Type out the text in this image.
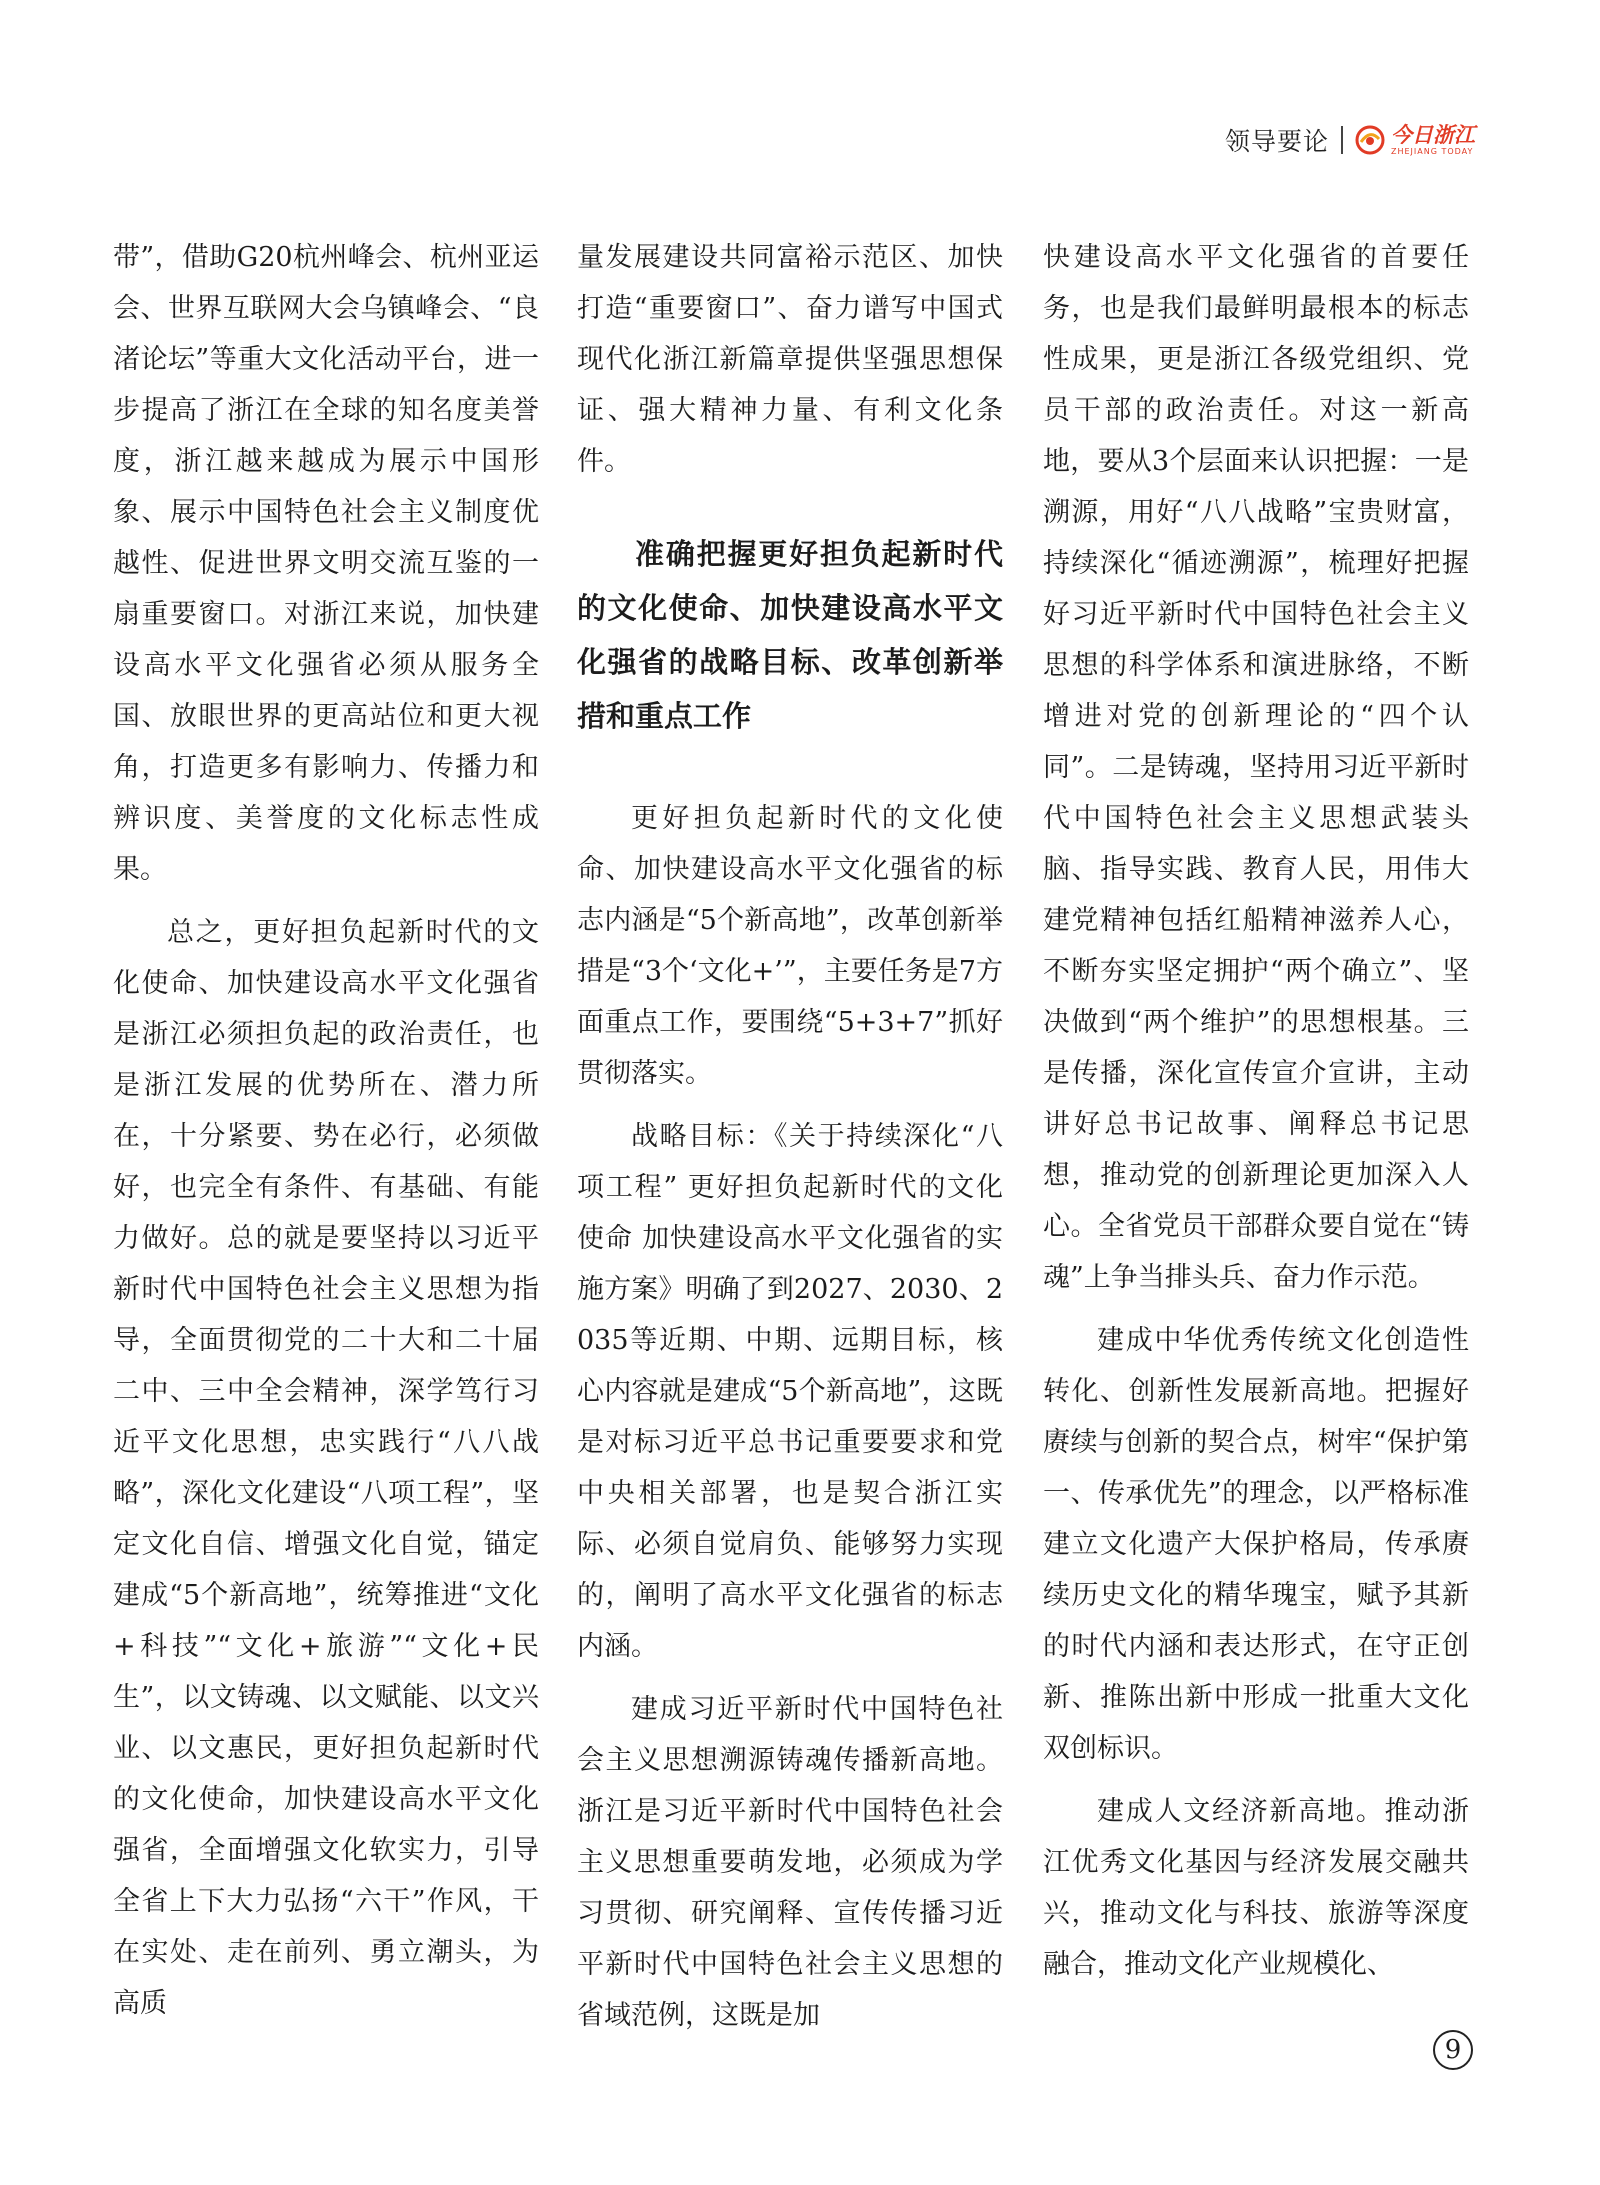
领导要论	今日浙江
ZHEJIANG TODAY

带”，借助G20杭州峰会、杭州亚运会、世界互联网大会乌镇峰会、“良渚论坛”等重大文化活动平台，进一步提高了浙江在全球的知名度美誉度，浙江越来越成为展示中国形象、展示中国特色社会主义制度优越性、促进世界文明交流互鉴的一扇重要窗口。对浙江来说，加快建设高水平文化强省必须从服务全国、放眼世界的更高站位和更大视角，打造更多有影响力、传播力和辨识度、美誉度的文化标志性成果。

总之，更好担负起新时代的文化使命、加快建设高水平文化强省是浙江必须担负起的政治责任，也是浙江发展的优势所在、潜力所在，十分紧要、势在必行，必须做好，也完全有条件、有基础、有能力做好。总的就是要坚持以习近平新时代中国特色社会主义思想为指导，全面贯彻党的二十大和二十届二中、三中全会精神，深学笃行习近平文化思想，忠实践行“八八战略”，深化文化建设“八项工程”，坚定文化自信、增强文化自觉，锚定建成“5个新高地”，统筹推进“文化+科技”“文化+旅游”“文化+民生”，以文铸魂、以文赋能、以文兴业、以文惠民，更好担负起新时代的文化使命，加快建设高水平文化强省，全面增强文化软实力，引导全省上下大力弘扬“六干”作风，干在实处、走在前列、勇立潮头，为高质

量发展建设共同富裕示范区、加快打造“重要窗口”、奋力谱写中国式现代化浙江新篇章提供坚强思想保证、强大精神力量、有利文化条件。

准确把握更好担负起新时代的文化使命、加快建设高水平文化强省的战略目标、改革创新举措和重点工作

更好担负起新时代的文化使命、加快建设高水平文化强省的标志内涵是“5个新高地”，改革创新举措是“3个‘文化+’”，主要任务是7方面重点工作，要围绕“5+3+7”抓好贯彻落实。

战略目标：《关于持续深化“八项工程” 更好担负起新时代的文化使命 加快建设高水平文化强省的实施方案》明确了到2027、2030、2035等近期、中期、远期目标，核心内容就是建成“5个新高地”，这既是对标习近平总书记重要要求和党中央相关部署，也是契合浙江实际、必须自觉肩负、能够努力实现的，阐明了高水平文化强省的标志内涵。

建成习近平新时代中国特色社会主义思想溯源铸魂传播新高地。浙江是习近平新时代中国特色社会主义思想重要萌发地，必须成为学习贯彻、研究阐释、宣传传播习近平新时代中国特色社会主义思想的省域范例，这既是加

快建设高水平文化强省的首要任务，也是我们最鲜明最根本的标志性成果，更是浙江各级党组织、党员干部的政治责任。对这一新高地，要从3个层面来认识把握：一是溯源，用好“八八战略”宝贵财富，持续深化“循迹溯源”，梳理好把握好习近平新时代中国特色社会主义思想的科学体系和演进脉络，不断增进对党的创新理论的“四个认同”。二是铸魂，坚持用习近平新时代中国特色社会主义思想武装头脑、指导实践、教育人民，用伟大建党精神包括红船精神滋养人心，不断夯实坚定拥护“两个确立”、坚决做到“两个维护”的思想根基。三是传播，深化宣传宣介宣讲，主动讲好总书记故事、阐释总书记思想，推动党的创新理论更加深入人心。全省党员干部群众要自觉在“铸魂”上争当排头兵、奋力作示范。

建成中华优秀传统文化创造性转化、创新性发展新高地。把握好赓续与创新的契合点，树牢“保护第一、传承优先”的理念，以严格标准建立文化遗产大保护格局，传承赓续历史文化的精华瑰宝，赋予其新的时代内涵和表达形式，在守正创新、推陈出新中形成一批重大文化双创标识。

建成人文经济新高地。推动浙江优秀文化基因与经济发展交融共兴，推动文化与科技、旅游等深度融合，推动文化产业规模化、

9
